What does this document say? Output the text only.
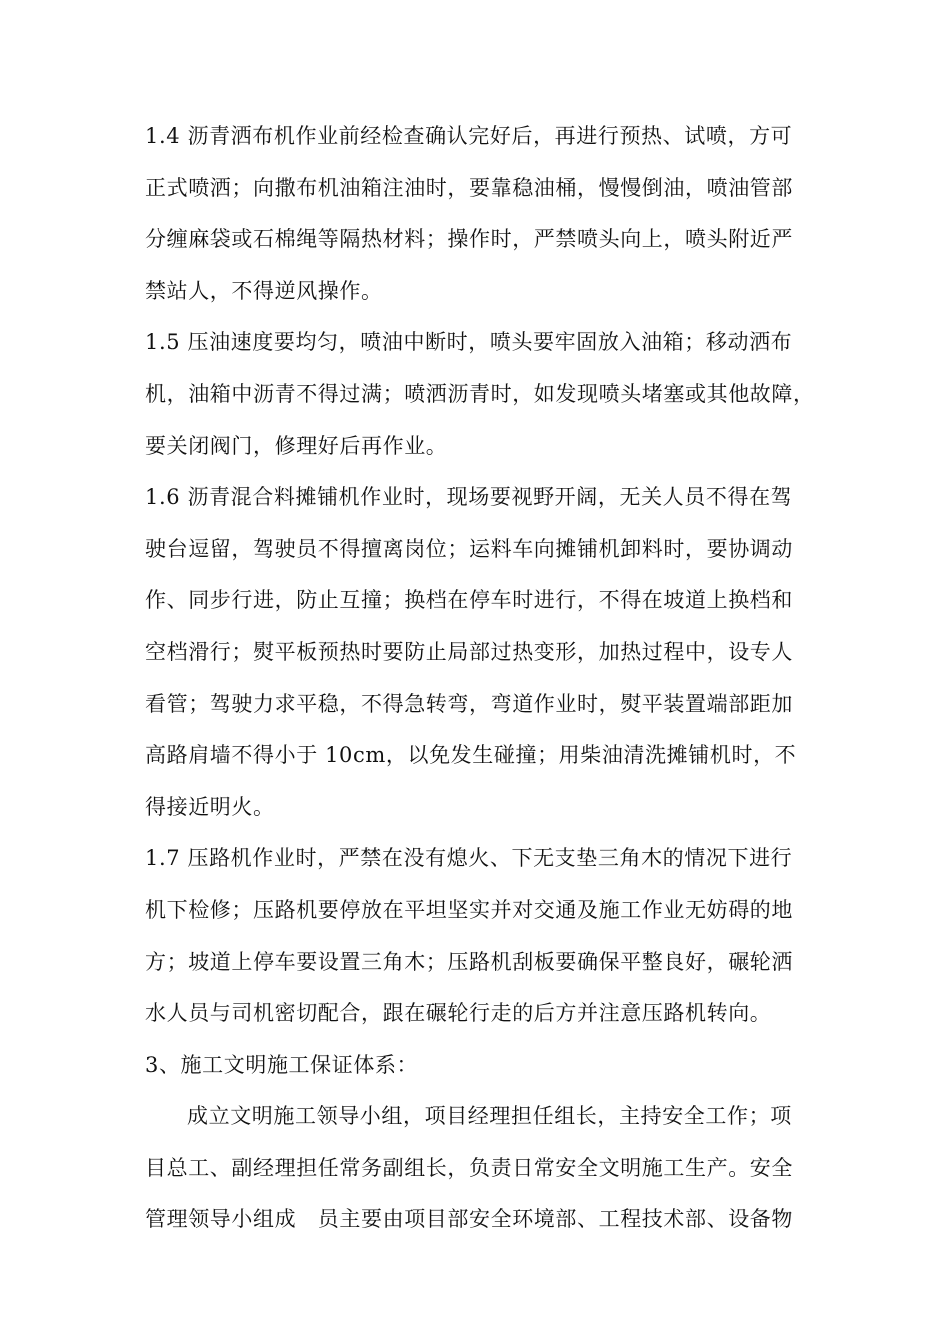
1.4 沥青洒布机作业前经检查确认完好后，再进行预热、试喷，方可
正式喷洒；向撒布机油箱注油时，要靠稳油桶，慢慢倒油，喷油管部
分缠麻袋或石棉绳等隔热材料；操作时，严禁喷头向上，喷头附近严
禁站人，不得逆风操作。
1.5 压油速度要均匀，喷油中断时，喷头要牢固放入油箱；移动洒布
机，油箱中沥青不得过满；喷洒沥青时，如发现喷头堵塞或其他故障，
要关闭阀门，修理好后再作业。
1.6 沥青混合料摊铺机作业时，现场要视野开阔，无关人员不得在驾
驶台逗留，驾驶员不得擅离岗位；运料车向摊铺机卸料时，要协调动
作、同步行进，防止互撞；换档在停车时进行，不得在坡道上换档和
空档滑行；熨平板预热时要防止局部过热变形，加热过程中，设专人
看管；驾驶力求平稳，不得急转弯，弯道作业时，熨平装置端部距加
高路肩墙不得小于 10cm，以免发生碰撞；用柴油清洗摊铺机时，不
得接近明火。
1.7 压路机作业时，严禁在没有熄火、下无支垫三角木的情况下进行
机下检修；压路机要停放在平坦坚实并对交通及施工作业无妨碍的地
方；坡道上停车要设置三角木；压路机刮板要确保平整良好，碾轮洒
水人员与司机密切配合，跟在碾轮行走的后方并注意压路机转向。
3、施工文明施工保证体系：
成立文明施工领导小组，项目经理担任组长，主持安全工作；项
目总工、副经理担任常务副组长，负责日常安全文明施工生产。安全
管理领导小组成　员主要由项目部安全环境部、工程技术部、设备物
